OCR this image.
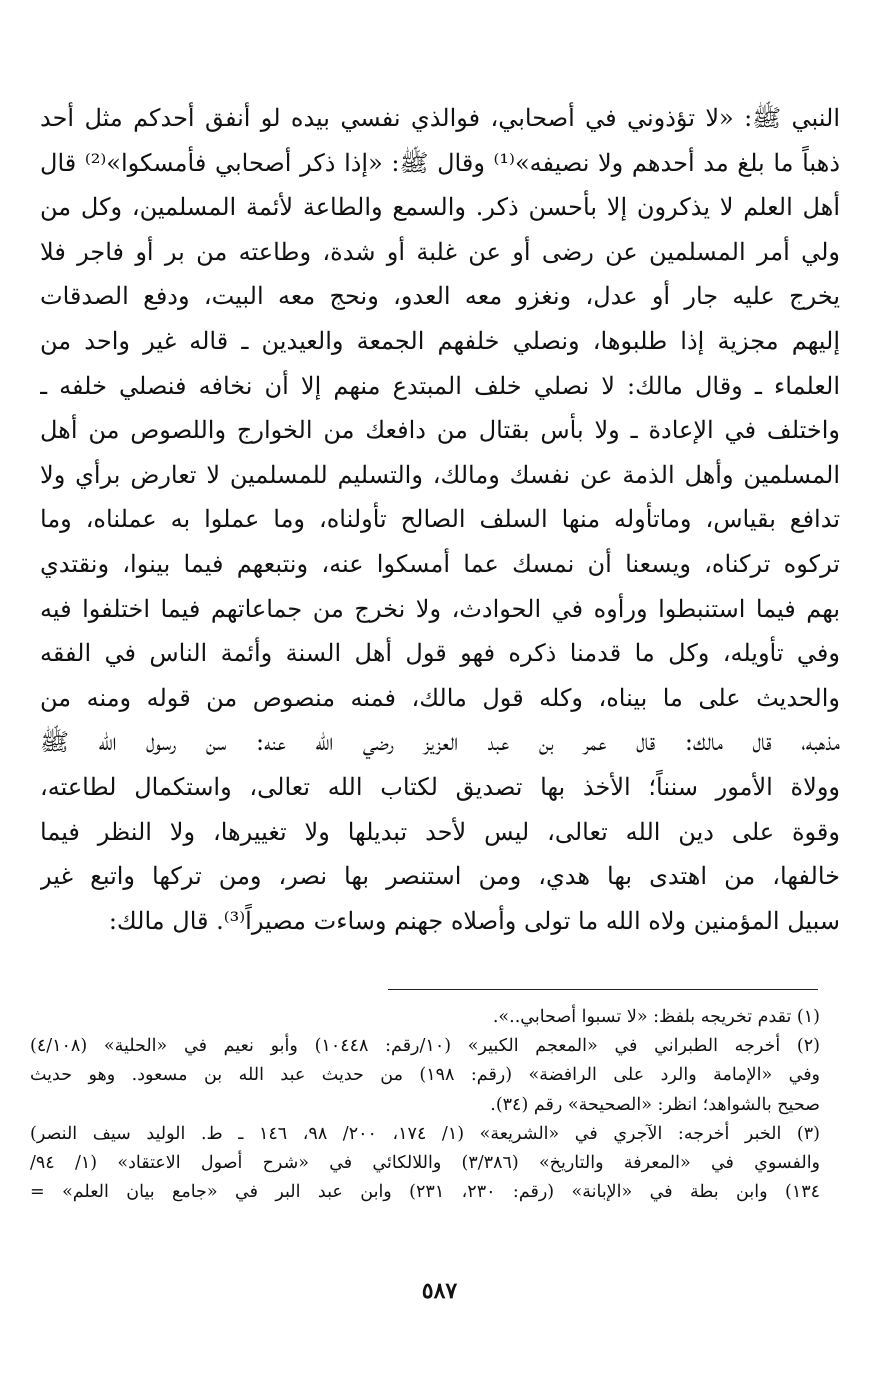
النبي ﷺ: «لا تؤذوني في أصحابي، فوالذي نفسي بيده لو أنفق أحدكم مثل أحد
ذهباً ما بلغ مد أحدهم ولا نصيفه»⁽¹⁾ وقال ﷺ: «إذا ذكر أصحابي فأمسكوا»⁽²⁾ قال
أهل العلم لا يذكرون إلا بأحسن ذكر. والسمع والطاعة لأئمة المسلمين، وكل من
ولي أمر المسلمين عن رضى أو عن غلبة أو شدة، وطاعته من بر أو فاجر فلا
يخرج عليه جار أو عدل، ونغزو معه العدو، ونحج معه البيت، ودفع الصدقات
إليهم مجزية إذا طلبوها، ونصلي خلفهم الجمعة والعيدين ـ قاله غير واحد من
العلماء ـ وقال مالك: لا نصلي خلف المبتدع منهم إلا أن نخافه فنصلي خلفه ـ
واختلف في الإعادة ـ ولا بأس بقتال من دافعك من الخوارج واللصوص من أهل
المسلمين وأهل الذمة عن نفسك ومالك، والتسليم للمسلمين لا تعارض برأي ولا
تدافع بقياس، وماتأوله منها السلف الصالح تأولناه، وما عملوا به عملناه، وما
تركوه تركناه، ويسعنا أن نمسك عما أمسكوا عنه، ونتبعهم فيما بينوا، ونقتدي
بهم فيما استنبطوا ورأوه في الحوادث، ولا نخرج من جماعاتهم فيما اختلفوا فيه
وفي تأويله، وكل ما قدمنا ذكره فهو قول أهل السنة وأئمة الناس في الفقه
والحديث على ما بيناه، وكله قول مالك، فمنه منصوص من قوله ومنه من
مذهبه، قال مالك: قال عمر بن عبد العزيز رضي الله عنه: سن رسول الله ﷺ
وولاة الأمور سنناً؛ الأخذ بها تصديق لكتاب الله تعالى، واستكمال لطاعته،
وقوة على دين الله تعالى، ليس لأحد تبديلها ولا تغييرها، ولا النظر فيما
خالفها، من اهتدى بها هدي، ومن استنصر بها نصر، ومن تركها واتبع غير
سبيل المؤمنين ولاه الله ما تولى وأصلاه جهنم وساءت مصيراً⁽³⁾. قال مالك:
(١) تقدم تخريجه بلفظ: «لا تسبوا أصحابي..».
(٢) أخرجه الطبراني في «المعجم الكبير» (١٠/رقم: ١٠٤٤٨) وأبو نعيم في «الحلية» (٤/١٠٨)
وفي «الإمامة والرد على الرافضة» (رقم: ١٩٨) من حديث عبد الله بن مسعود. وهو حديث
صحيح بالشواهد؛ انظر: «الصحيحة» رقم (٣٤).
(٣) الخبر أخرجه: الآجري في «الشريعة» (١/ ١٧٤، ٢٠٠/ ٩٨، ١٤٦ ـ ط. الوليد سيف النصر)
والفسوي في «المعرفة والتاريخ» (٣/٣٨٦) واللالكائي في «شرح أصول الاعتقاد» (١/ ٩٤/
١٣٤) وابن بطة في «الإبانة» (رقم: ٢٣٠، ٢٣١) وابن عبد البر في «جامع بيان العلم» =
٥٨٧
